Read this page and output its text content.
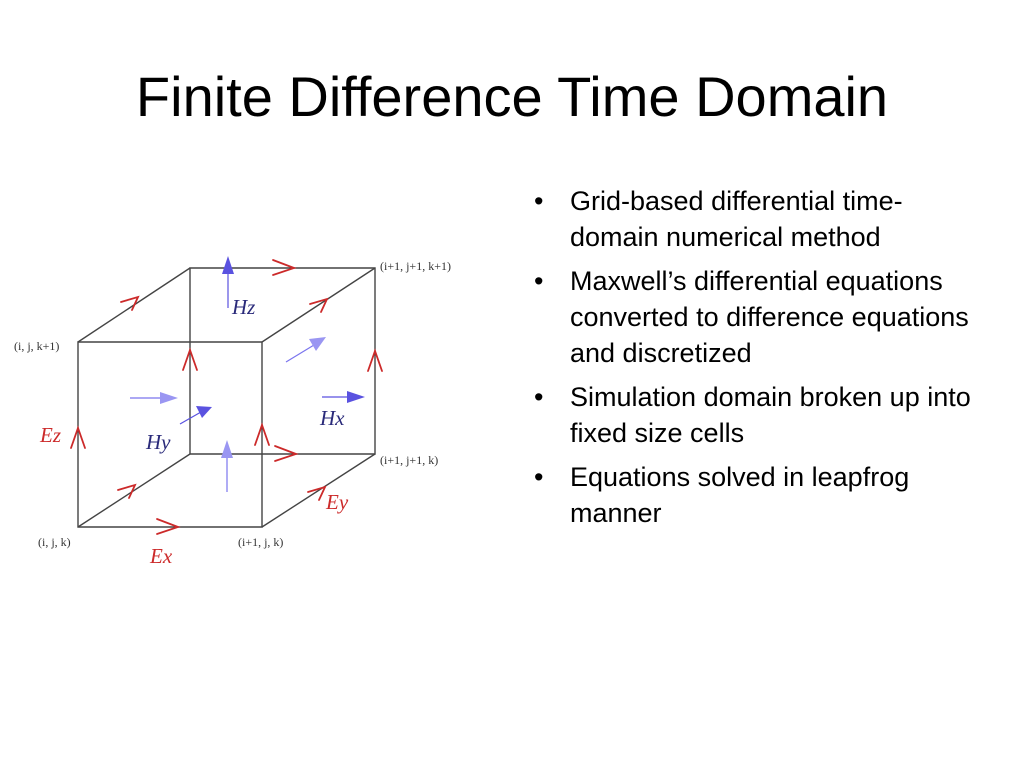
Finite Difference Time Domain
(i, j, k)	(i+1, j, k)
(i+1, j+1, k)
(i+1, j+1, k+1)
(i, j, k+1)
Ex
Ey
Ez
Hx
Hy
Hz
• Grid-based differential time-domain numerical method
• Maxwell’s differential equations converted to difference equations and discretized
• Simulation domain broken up into fixed size cells
• Equations solved in leapfrog manner
